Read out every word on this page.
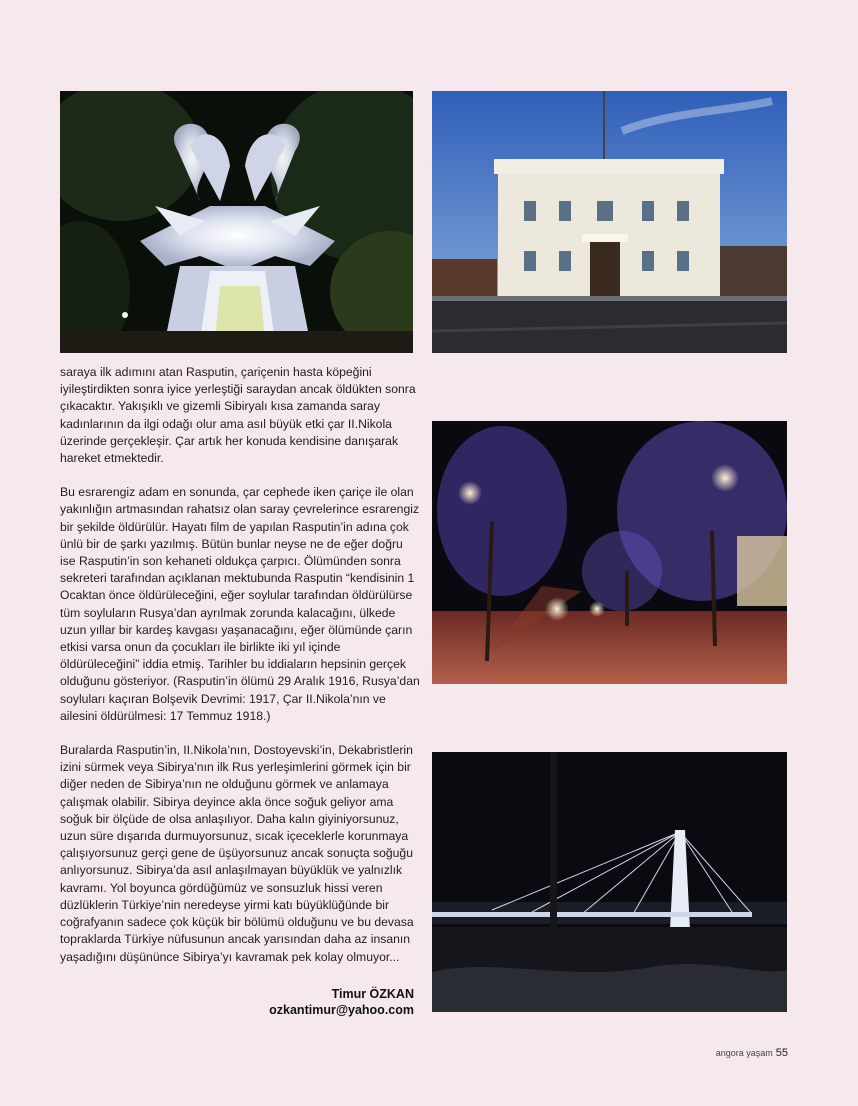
saraya ilk adımını atan Rasputin, çariçenin hasta köpeğini iyileştirdikten sonra iyice yerleştiği saraydan ancak öldükten sonra çıkacaktır. Yakışıklı ve gizemli Sibiryalı kısa zamanda saray kadınlarının da ilgi odağı olur ama asıl büyük etki çar II.Nikola üzerinde gerçekleşir. Çar artık her konuda kendisine danışarak hareket etmektedir.

Bu esrarengiz adam en sonunda, çar cephede iken çariçe ile olan yakınlığın artmasından rahatsız olan saray çevrelerince esrarengiz bir şekilde öldürülür. Hayatı film de yapılan Rasputin’in adına çok ünlü bir de şarkı yazılmış. Bütün bunlar neyse ne de eğer doğru ise Rasputin’in son kehaneti oldukça çarpıcı. Ölümünden sonra sekreteri tarafından açıklanan mektubunda Rasputin “kendisinin 1 Ocaktan önce öldürüleceğini, eğer soylular tarafından öldürülürse tüm soyluların Rusya’dan ayrılmak zorunda kalacağını, ülkede uzun yıllar bir kardeş kavgası yaşanacağını, eğer ölümünde çarın etkisi varsa onun da çocukları ile birlikte iki yıl içinde öldürüleceğini” iddia etmiş. Tarihler bu iddiaların hepsinin gerçek olduğunu gösteriyor. (Rasputin’in ölümü 29 Aralık 1916, Rusya’dan soyluları kaçıran Bolşevik Devrimi: 1917, Çar II.Nikola’nın ve ailesini öldürülmesi: 17 Temmuz 1918.)

Buralarda Rasputin’in, II.Nikola’nın, Dostoyevski’in, Dekabristlerin izini sürmek veya Sibirya’nın ilk Rus yerleşimlerini görmek için bir diğer neden de Sibirya’nın ne olduğunu görmek ve anlamaya çalışmak olabilir. Sibirya deyince akla önce soğuk geliyor ama soğuk bir ölçüde de olsa anlaşılıyor. Daha kalın giyiniyorsunuz, uzun süre dışarıda durmuyorsunuz, sıcak içeceklerle korunmaya çalışıyorsunuz gerçi gene de üşüyorsunuz ancak sonuçta soğuğu anlıyorsunuz. Sibirya’da asıl anlaşılmayan büyüklük ve yalnızlık kavramı. Yol boyunca gördüğümüz ve sonsuzluk hissi veren düzlüklerin Türkiye’nin neredeyse yirmi katı büyüklüğünde bir coğrafyanın sadece çok küçük bir bölümü olduğunu ve bu devasa topraklarda Türkiye nüfusunun ancak yarısından daha az insanın yaşadığını düşününce Sibirya’yı kavramak pek kolay olmuyor...

Timur ÖZKAN
ozkantimur@yahoo.com
angora yaşam 55
